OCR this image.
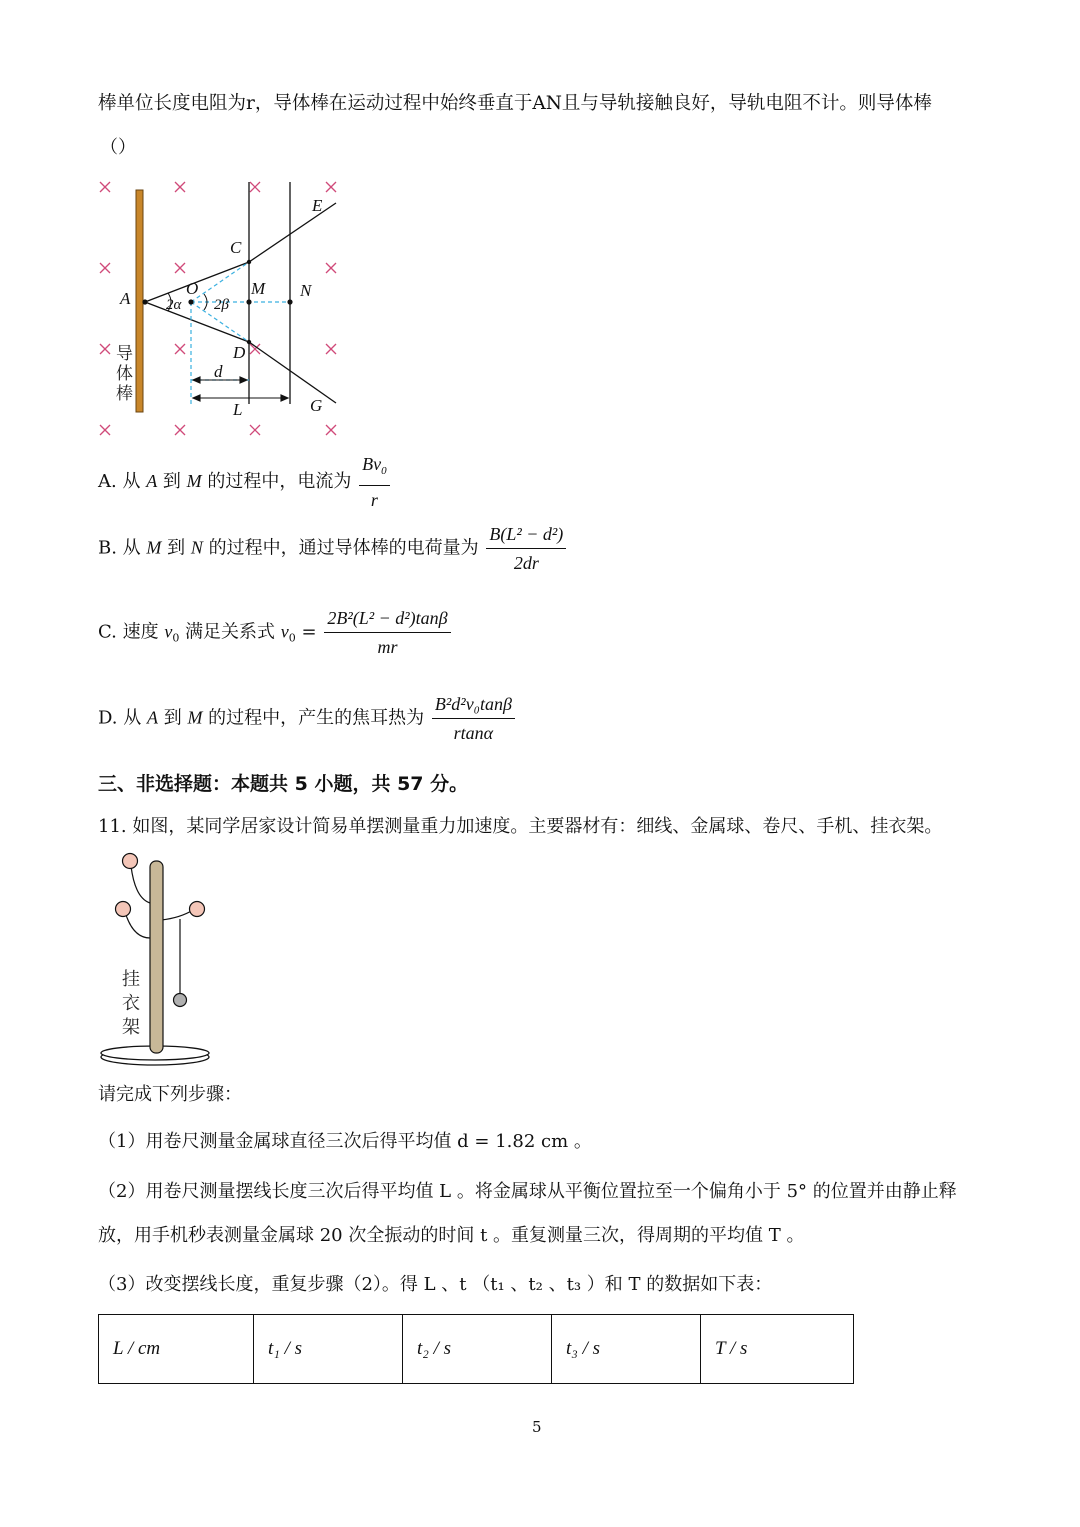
棒单位长度电阻为r，导体棒在运动过程中始终垂直于AN且与导轨接触良好，导轨电阻不计。则导体棒
（）
A
O
C
M N
D
E
G
d
L
2α 2β
导
体
棒
A. 从 A 到 M 的过程中，电流为 $\frac{Bv_0}{r}$
B. 从 M 到 N 的过程中，通过导体棒的电荷量为 $\frac{\text{B(L² − d²)}}{2dr}$
C. 速度 $v_0$ 满足关系式 $v_0 = \frac{\text{2B²(L² − d²)tanβ}}{mr}$
D. 从 A 到 M 的过程中，产生的焦耳热为 $\frac{\text{B²d²v₀tanβ}}{rtan\alpha}$
三、非选择题：本题共 5 小题，共 57 分。
11. 如图，某同学居家设计简易单摆测量重力加速度。主要器材有：细线、金属球、卷尺、手机、挂衣架。
挂
衣
架
请完成下列步骤：
（1）用卷尺测量金属球直径三次后得平均值 d = 1.82 cm 。
（2）用卷尺测量摆线长度三次后得平均值 L 。将金属球从平衡位置拉至一个偏角小于 5° 的位置并由静止释
放，用手机秒表测量金属球 20 次全振动的时间 t 。重复测量三次，得周期的平均值 T 。
（3）改变摆线长度，重复步骤（2）。得 L 、t （t₁ 、t₂ 、t₃ ）和 T 的数据如下表：
L / cm	t₁ / s	t₂ / s	t₃ / s	T / s
5
